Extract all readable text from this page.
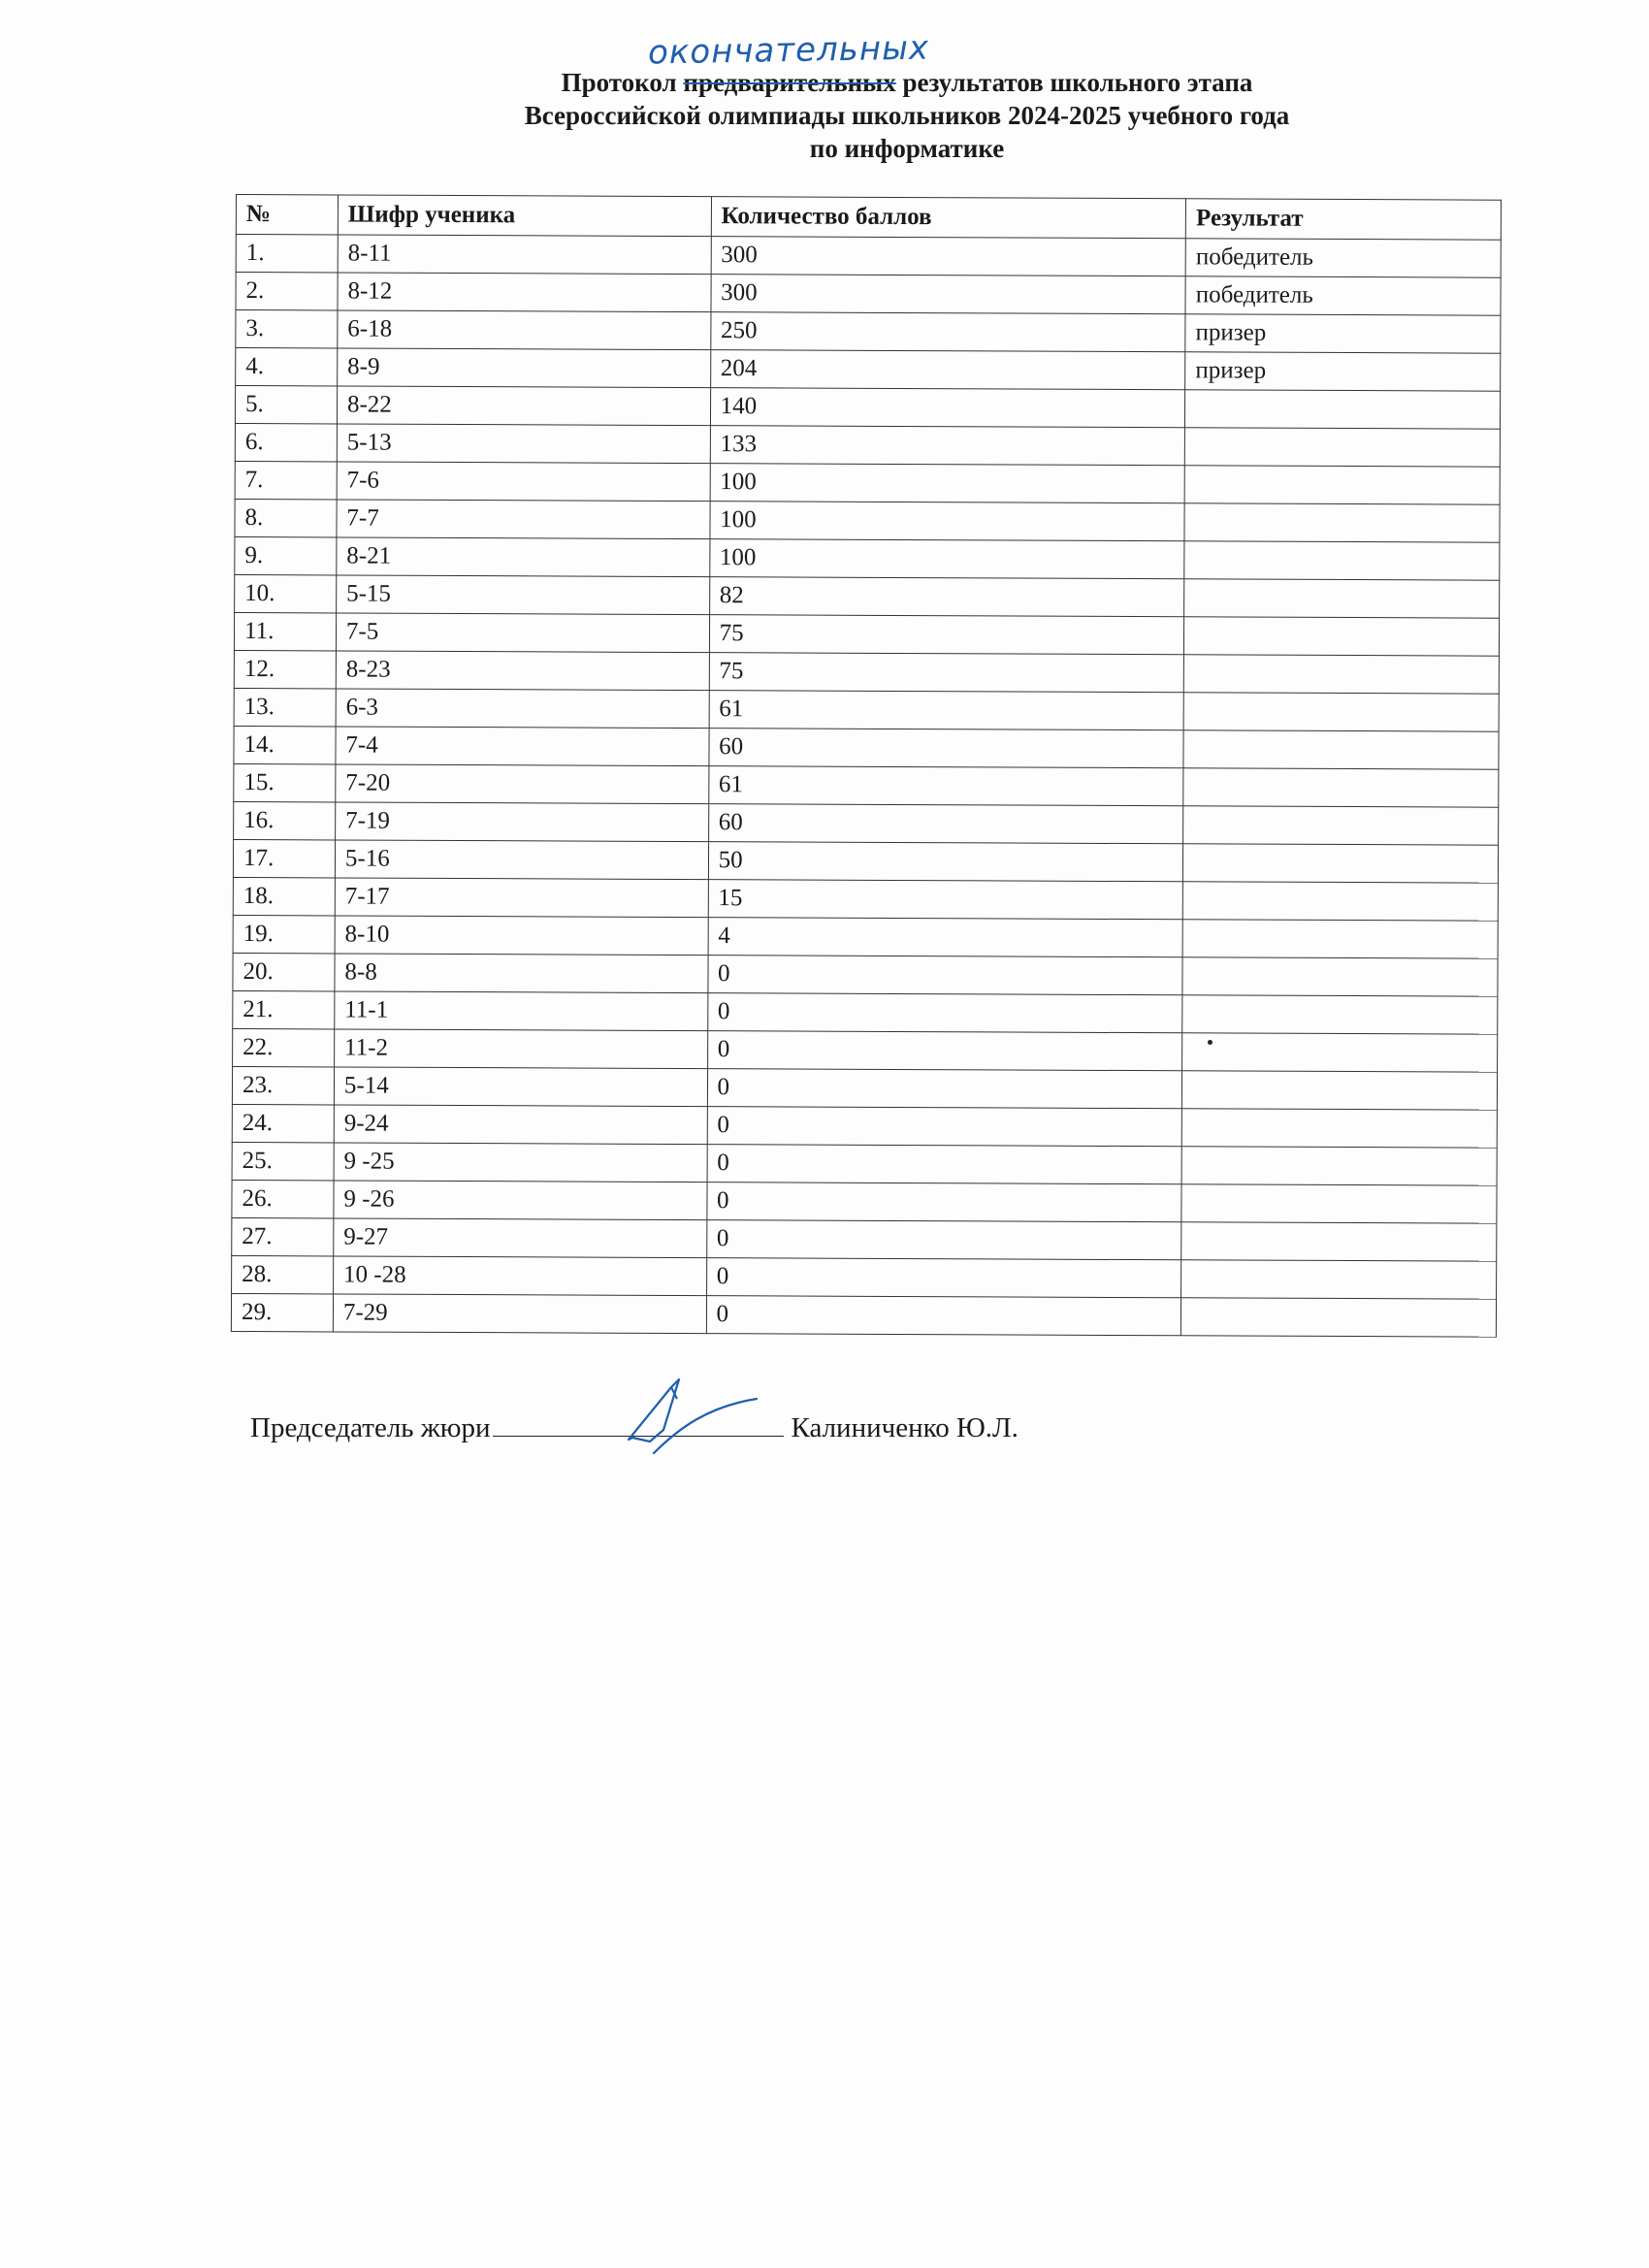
окончательных
Протокол предварительных результатов школьного этапа
Всероссийской олимпиады школьников 2024-2025 учебного года
по информатике
№	Шифр ученика	Количество баллов	Результат
1.	8-11	300	победитель
2.	8-12	300	победитель
3.	6-18	250	призер
4.	8-9	204	призер
5.	8-22	140	
6.	5-13	133	
7.	7-6	100	
8.	7-7	100	
9.	8-21	100	
10.	5-15	82	
11.	7-5	75	
12.	8-23	75	
13.	6-3	61	
14.	7-4	60	
15.	7-20	61	
16.	7-19	60	
17.	5-16	50	
18.	7-17	15	
19.	8-10	4	
20.	8-8	0	
21.	11-1	0	
22.	11-2	0	
23.	5-14	0	
24.	9-24	0	
25.	9 -25	0	
26.	9 -26	0	
27.	9-27	0	
28.	10 -28	0	
29.	7-29	0	
Председатель жюри	Калиниченко Ю.Л.
